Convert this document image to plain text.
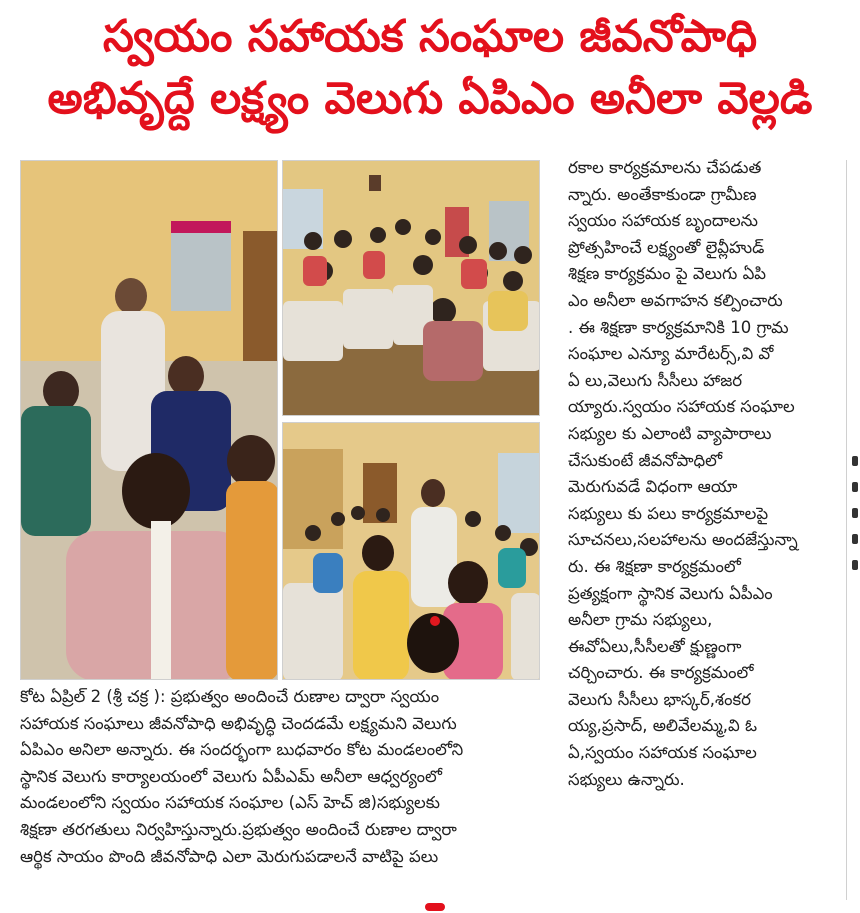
స్వయం సహాయక సంఘాల జీవనోపాధి
అభివృద్దే లక్ష్యం వెలుగు ఏపిఎం అనీలా వెల్లడి
కోట ఏప్రిల్ 2 (శ్రీ చక్ర ): ప్రభుత్వం అందించే రుణాల ద్వారా స్వయం
సహాయక సంఘాలు జీవనోపాధి అభివృద్ధి చెందడమే లక్ష్యమని వెలుగు
ఏపిఎం అనిలా అన్నారు. ఈ సందర్భంగా బుధవారం కోట మండలంలోని
స్థానిక వెలుగు కార్యాలయంలో వెలుగు ఏపీఎమ్ అనీలా ఆధ్వర్యంలో
మండలంలోని స్వయం సహాయక సంఘాల (ఎస్ హెచ్ జి)సభ్యులకు
శిక్షణా తరగతులు నిర్వహిస్తున్నారు.ప్రభుత్వం అందించే రుణాల ద్వారా
ఆర్థిక సాయం పొంది జీవనోపాధి ఎలా మెరుగుపడాలనే వాటిపై పలు
రకాల కార్యక్రమాలను చేపడుత
న్నారు. అంతేకాకుండా గ్రామీణ
స్వయం సహాయక బృందాలను
ప్రోత్సహించే లక్ష్యంతో లైవ్లీహుడ్
శిక్షణ కార్యక్రమం పై వెలుగు ఏపి
ఎం అనీలా అవగాహన కల్పించారు
. ఈ శిక్షణా కార్యక్రమానికి 10 గ్రామ
సంఘాల ఎన్యూ మారేటర్స్,వి వో
ఏ లు,వెలుగు సీసీలు హాజర
య్యారు.స్వయం సహాయక సంఘాల
సభ్యుల కు ఎలాంటి వ్యాపారాలు
చేసుకుంటే జీవనోపాధిలో
మెరుగువడే విధంగా ఆయా
సభ్యులు కు పలు కార్యక్రమాలపై
సూచనలు,సలహాలను అందజేస్తున్నా
రు. ఈ శిక్షణా కార్యక్రమంలో
ప్రత్యక్షంగా స్థానిక వెలుగు ఏపీఎం
అనీలా గ్రామ సభ్యులు,
ఈవోఏలు,సీసీలతో క్షుణ్ణంగా
చర్చించారు. ఈ కార్యక్రమంలో
వెలుగు సీసీలు భాస్కర్,శంకర
య్య,ప్రసాద్, అలివేలమ్మ,వి ఓ
ఏ,స్వయం సహాయక సంఘాల
సభ్యులు ఉన్నారు.
